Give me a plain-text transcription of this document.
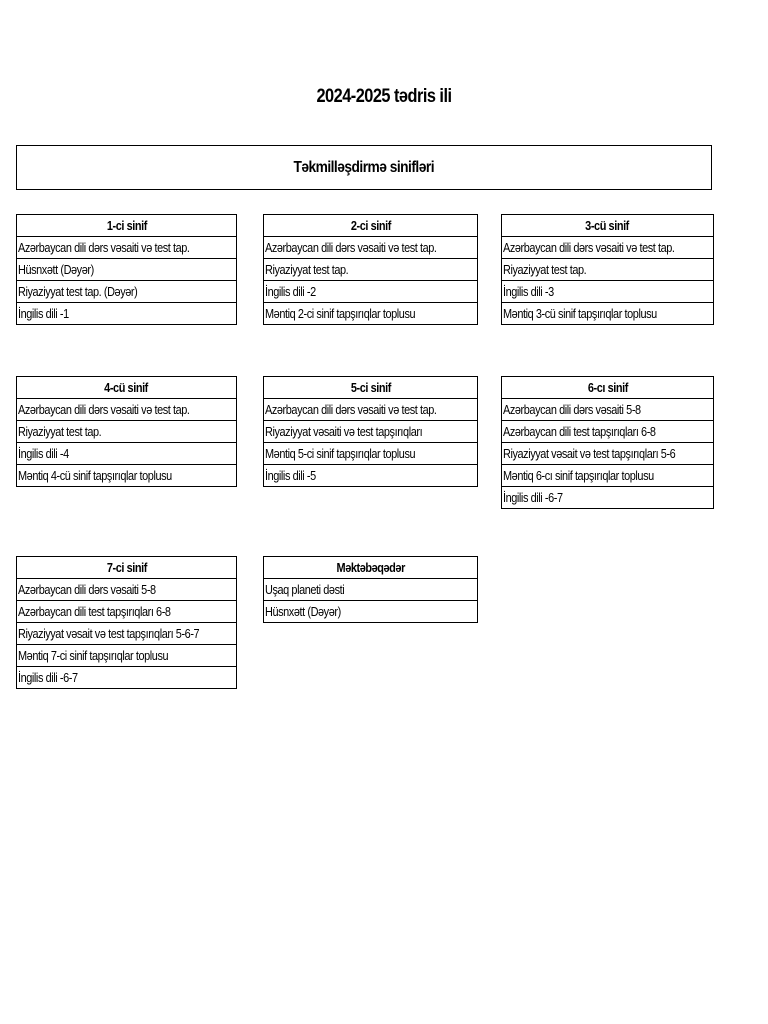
2024-2025 tədris ili
Təkmilləşdirmə sinifləri
1-ci sinif
Azərbaycan dili dərs vəsaiti və test tap.
Hüsnxətt (Dəyər)
Riyaziyyat test tap. (Dəyər)
İngilis dili -1
2-ci sinif
Azərbaycan dili dərs vəsaiti və test tap.
Riyaziyyat test tap.
İngilis dili -2
Məntiq 2-ci sinif tapşırıqlar toplusu
3-cü sinif
Azərbaycan dili dərs vəsaiti və test tap.
Riyaziyyat test tap.
İngilis dili -3
Məntiq 3-cü sinif tapşırıqlar toplusu
4-cü sinif
Azərbaycan dili dərs vəsaiti və test tap.
Riyaziyyat test tap.
İngilis dili -4
Məntiq 4-cü sinif tapşırıqlar toplusu
5-ci sinif
Azərbaycan dili dərs vəsaiti və test tap.
Riyaziyyat vəsaiti və test tapşırıqları
Məntiq 5-ci sinif tapşırıqlar toplusu
İngilis dili -5
6-cı sinif
Azərbaycan dili dərs vəsaiti 5-8
Azərbaycan dili test tapşırıqları 6-8
Riyaziyyat vəsait və test tapşırıqları 5-6
Məntiq 6-cı sinif tapşırıqlar toplusu
İngilis dili -6-7
7-ci sinif
Azərbaycan dili dərs vəsaiti 5-8
Azərbaycan dili test tapşırıqları 6-8
Riyaziyyat vəsait və test tapşırıqları 5-6-7
Məntiq 7-ci sinif tapşırıqlar toplusu
İngilis dili -6-7
Məktəbəqədər
Uşaq planeti dəsti
Hüsnxətt (Dəyər)
